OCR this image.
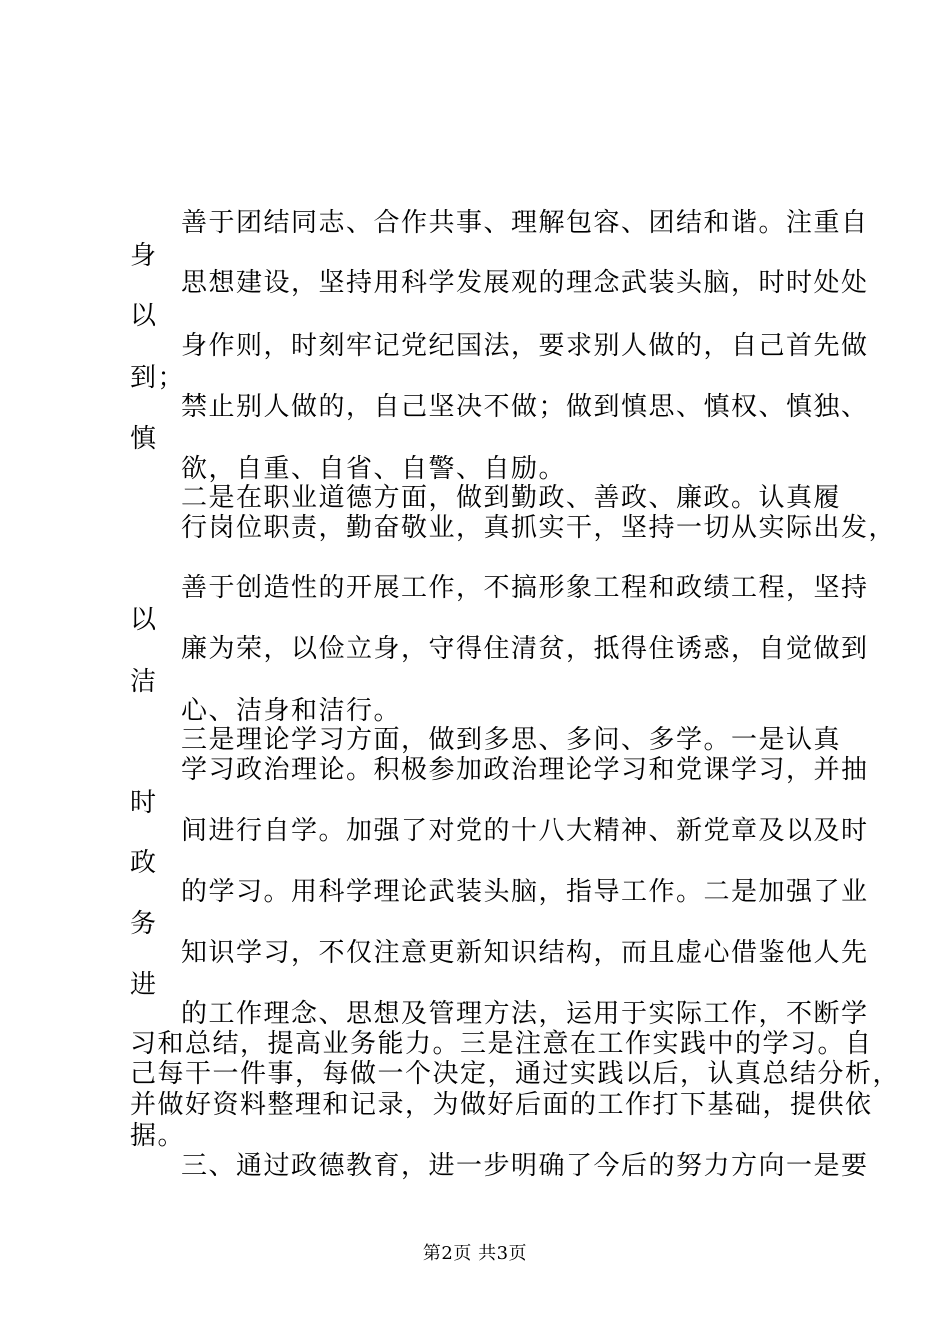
善于团结同志、合作共事、理解包容、团结和谐。注重自
身
思想建设，坚持用科学发展观的理念武装头脑，时时处处
以
身作则，时刻牢记党纪国法，要求别人做的，自己首先做
到；
禁止别人做的，自己坚决不做；做到慎思、慎权、慎独、
慎
欲，自重、自省、自警、自励。
二是在职业道德方面，做到勤政、善政、廉政。认真履
行岗位职责，勤奋敬业，真抓实干，坚持一切从实际出发，
善于创造性的开展工作，不搞形象工程和政绩工程，坚持
以
廉为荣，以俭立身，守得住清贫，抵得住诱惑，自觉做到
洁
心、洁身和洁行。
三是理论学习方面，做到多思、多问、多学。一是认真
学习政治理论。积极参加政治理论学习和党课学习，并抽
时
间进行自学。加强了对党的十八大精神、新党章及以及时
政
的学习。用科学理论武装头脑，指导工作。二是加强了业
务
知识学习，不仅注意更新知识结构，而且虚心借鉴他人先
进
的工作理念、思想及管理方法，运用于实际工作，不断学
习和总结，提高业务能力。三是注意在工作实践中的学习。自
己每干一件事，每做一个决定，通过实践以后，认真总结分析，
并做好资料整理和记录，为做好后面的工作打下基础，提供依
据。
三、通过政德教育，进一步明确了今后的努力方向一是要
第2页 共3页
